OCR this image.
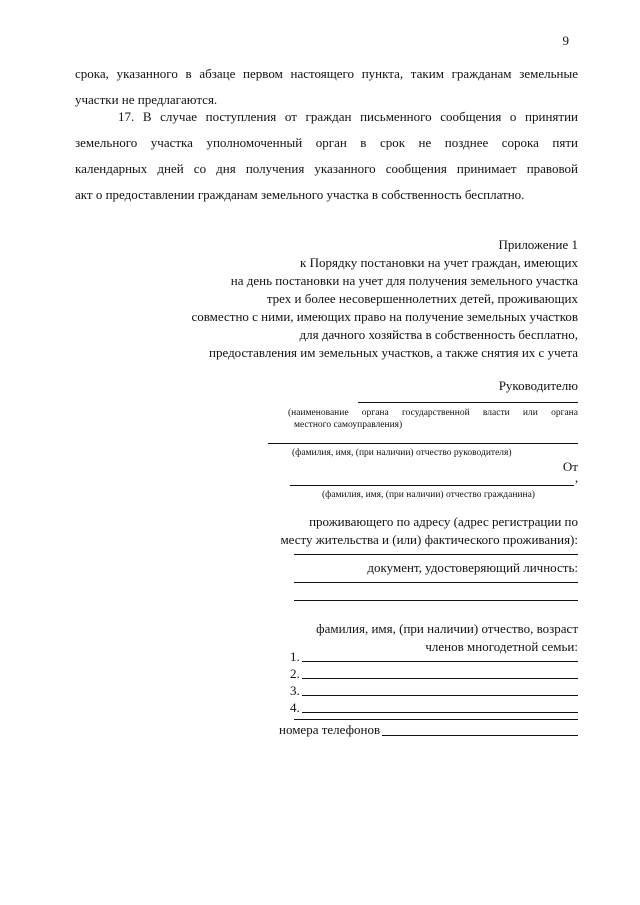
9
срока, указанного в абзаце первом настоящего пункта, таким гражданам земельные
участки не предлагаются.
17. В случае поступления от граждан письменного сообщения о принятии
земельного участка уполномоченный орган в срок не позднее сорока пяти
календарных дней со дня получения указанного сообщения принимает правовой
акт о предоставлении гражданам земельного участка в собственность бесплатно.
Приложение 1
к Порядку постановки на учет граждан, имеющих
на день постановки на учет для получения земельного участка
трех и более несовершеннолетних детей, проживающих
совместно с ними, имеющих право на получение земельных участков
для дачного хозяйства в собственность бесплатно,
предоставления им земельных участков, а также снятия их с учета
Руководителю
(наименование органа государственной власти или органа
местного самоуправления)
(фамилия, имя, (при наличии) отчество руководителя)
От
,
(фамилия, имя, (при наличии) отчество гражданина)
проживающего по адресу (адрес регистрации по
месту жительства и (или) фактического проживания):
документ, удостоверяющий личность:
фамилия, имя, (при наличии) отчество, возраст
членов многодетной семьи:
1.
2.
3.
4.
номера телефонов
